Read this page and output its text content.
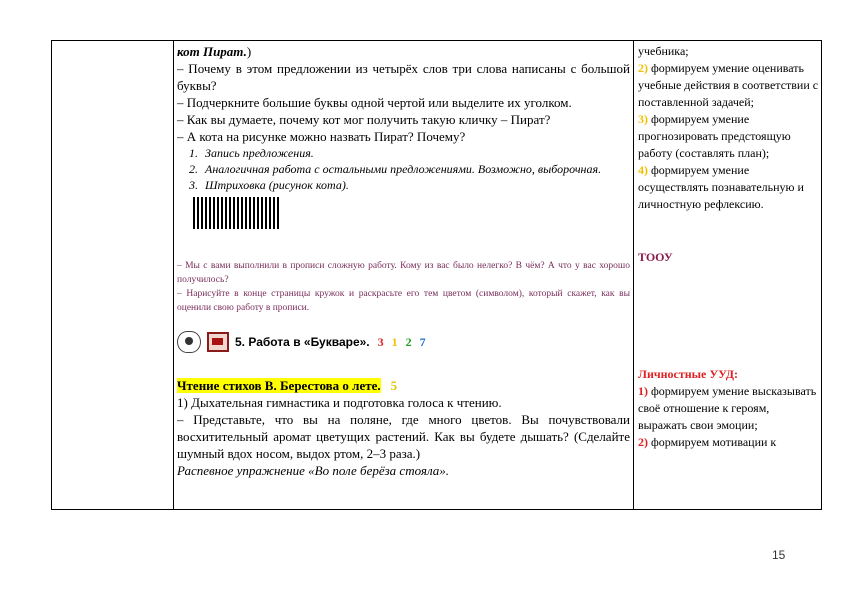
кот Пират.)

– Почему в этом предложении из четырёх слов три слова написаны с большой буквы?

– Подчеркните большие буквы одной чертой или выделите их уголком.

– Как вы думаете, почему кот мог получить такую кличку – Пират?

– А кота на рисунке можно назвать Пират? Почему?

1. Запись предложения.
2. Аналогичная работа с остальными предложениями. Возможно, выборочная.
3. Штриховка (рисунок кота).

– Мы с вами выполнили в прописи сложную работу. Кому из вас было нелегко? В чём? А что у вас хорошо получилось?

– Нарисуйте в конце страницы кружок и раскрасьте его тем цветом (символом), который скажет, как вы оценили свою работу в прописи.

5. Работа в «Букваре». 3 1 2 7

Чтение стихов В. Берестова о лете. 5

1) Дыхательная гимнастика и подготовка голоса к чтению.

– Представьте, что вы на поляне, где много цветов. Вы почувствовали восхитительный аромат цветущих растений. Как вы будете дышать? (Сделайте шумный вдох носом, выдох ртом, 2–3 раза.)

Распевное упражнение «Во поле берёза стояла».

учебника;

2) формируем умение оценивать учебные действия в соответствии с поставленной задачей;

3) формируем умение прогнозировать предстоящую работу (составлять план);

4) формируем умение осуществлять познавательную и личностную рефлексию.

ТООУ

Личностные УУД:

1) формируем умение высказывать своё отношение к героям, выражать свои эмоции;

2) формируем мотивации к

15
